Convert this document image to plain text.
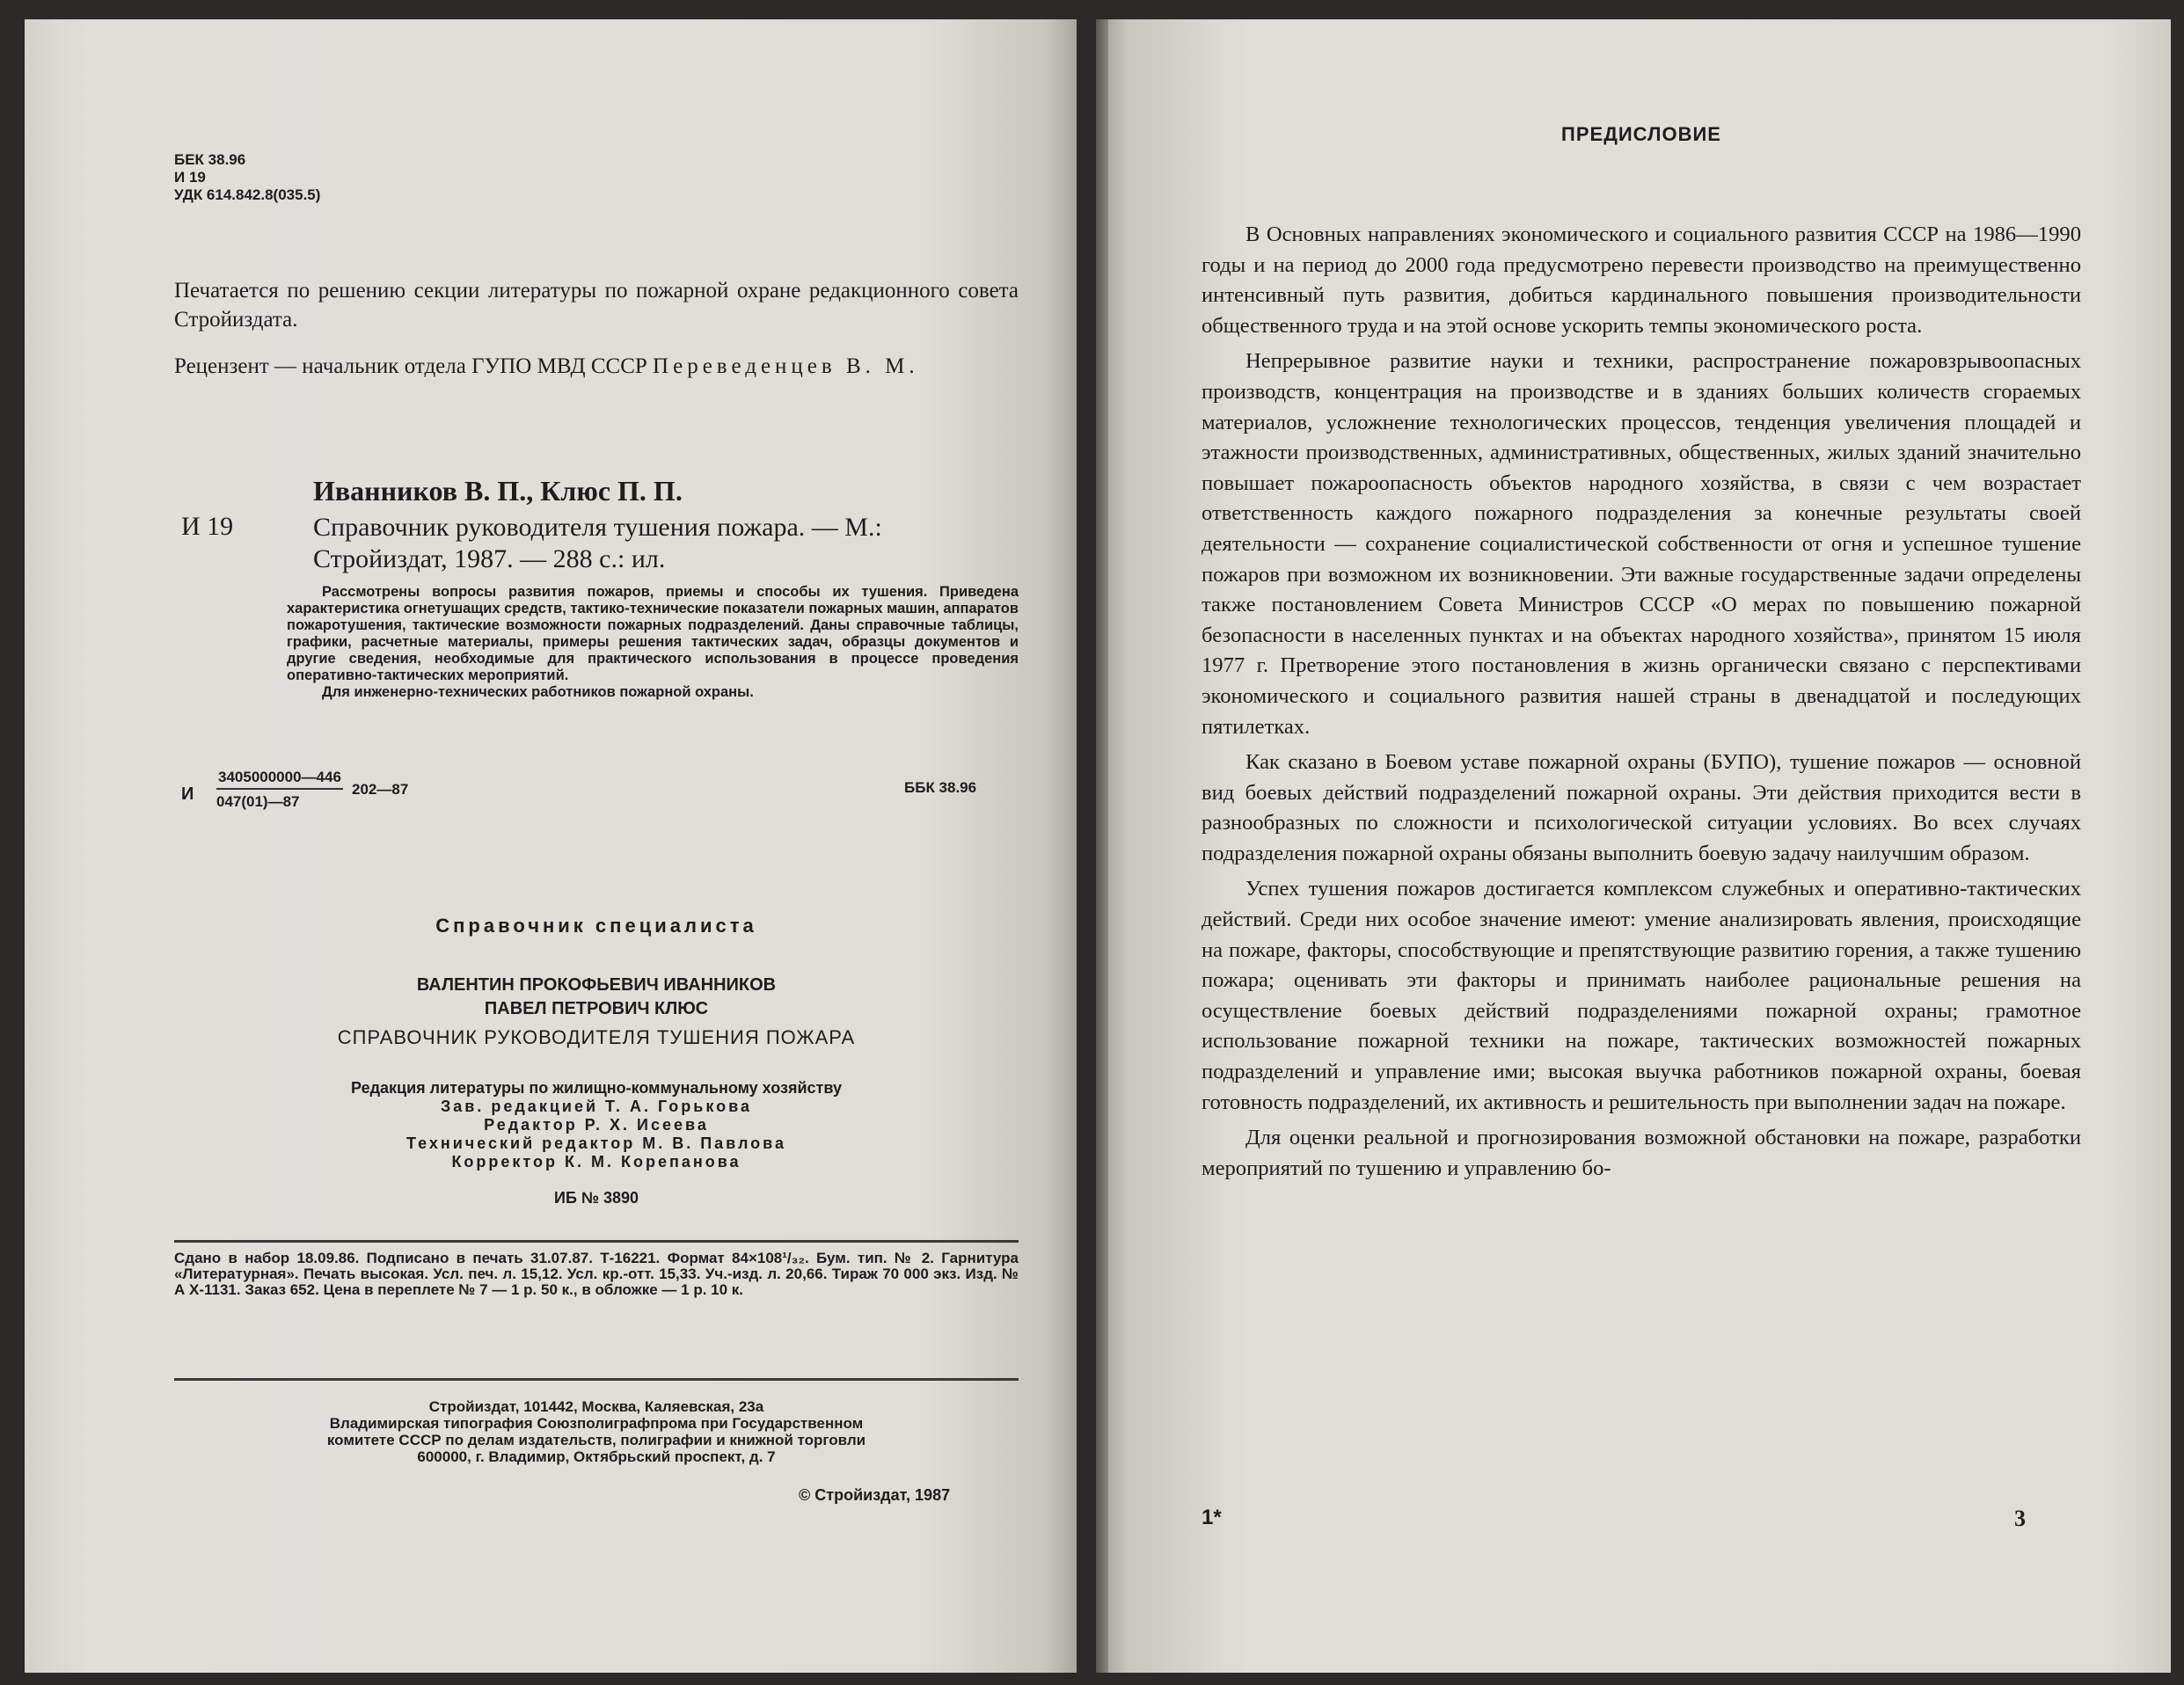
БЕК 38.96
И 19
УДК 614.842.8(035.5)
Печатается по решению секции литературы по пожарной охране редакционного совета Стройиздата.
Рецензент — начальник отдела ГУПО МВД СССР Переведенцев В. М.
Иванников В. П., Клюс П. П.
И 19	Справочник руководителя тушения пожара. — М.: Стройиздат, 1987. — 288 с.: ил.
Рассмотрены вопросы развития пожаров, приемы и способы их тушения. Приведена характеристика огнетушащих средств, тактико-технические показатели пожарных машин, аппаратов пожаротушения, тактические возможности пожарных подразделений. Даны справочные таблицы, графики, расчетные материалы, примеры решения тактических задач, образцы документов и другие сведения, необходимые для практического использования в процессе проведения оперативно-тактических мероприятий.
Для инженерно-технических работников пожарной охраны.
И $\frac{3405000000—446}{047(01)—87}$ 202—87	ББК 38.96
Справочник специалиста
ВАЛЕНТИН ПРОКОФЬЕВИЧ ИВАННИКОВ
ПАВЕЛ ПЕТРОВИЧ КЛЮС
СПРАВОЧНИК РУКОВОДИТЕЛЯ ТУШЕНИЯ ПОЖАРА
Редакция литературы по жилищно-коммунальному хозяйству
Зав. редакцией Т. А. Горькова
Редактор Р. Х. Исеева
Технический редактор М. В. Павлова
Корректор К. М. Корепанова
ИБ № 3890
Сдано в набор 18.09.86. Подписано в печать 31.07.87. Т-16221. Формат 84×108¹/₃₂. Бум. тип. № 2. Гарнитура «Литературная». Печать высокая. Усл. печ. л. 15,12. Усл. кр.-отт. 15,33. Уч.-изд. л. 20,66. Тираж 70 000 экз. Изд. № А X-1131. Заказ 652. Цена в переплете № 7 — 1 р. 50 к., в обложке — 1 р. 10 к.
Стройиздат, 101442, Москва, Каляевская, 23а
Владимирская типография Союзполиграфпрома при Государственном
комитете СССР по делам издательств, полиграфии и книжной торговли
600000, г. Владимир, Октябрьский проспект, д. 7
© Стройиздат, 1987
ПРЕДИСЛОВИЕ

В Основных направлениях экономического и социального развития СССР на 1986—1990 годы и на период до 2000 года предусмотрено перевести производство на преимущественно интенсивный путь развития, добиться кардинального повышения производительности общественного труда и на этой основе ускорить темпы экономического роста.

Непрерывное развитие науки и техники, распространение пожаровзрывоопасных производств, концентрация на производстве и в зданиях больших количеств сгораемых материалов, усложнение технологических процессов, тенденция увеличения площадей и этажности производственных, административных, общественных, жилых зданий значительно повышает пожароопасность объектов народного хозяйства, в связи с чем возрастает ответственность каждого пожарного подразделения за конечные результаты своей деятельности — сохранение социалистической собственности от огня и успешное тушение пожаров при возможном их возникновении. Эти важные государственные задачи определены также постановлением Совета Министров СССР «О мерах по повышению пожарной безопасности в населенных пунктах и на объектах народного хозяйства», принятом 15 июля 1977 г. Претворение этого постановления в жизнь органически связано с перспективами экономического и социального развития нашей страны в двенадцатой и последующих пятилетках.

Как сказано в Боевом уставе пожарной охраны (БУПО), тушение пожаров — основной вид боевых действий подразделений пожарной охраны. Эти действия приходится вести в разнообразных по сложности и психологической ситуации условиях. Во всех случаях подразделения пожарной охраны обязаны выполнить боевую задачу наилучшим образом.

Успех тушения пожаров достигается комплексом служебных и оперативно-тактических действий. Среди них особое значение имеют: умение анализировать явления, происходящие на пожаре, факторы, способствующие и препятствующие развитию горения, а также тушению пожара; оценивать эти факторы и принимать наиболее рациональные решения на осуществление боевых действий подразделениями пожарной охраны; грамотное использование пожарной техники на пожаре, тактических возможностей пожарных подразделений и управление ими; высокая выучка работников пожарной охраны, боевая готовность подразделений, их активность и решительность при выполнении задач на пожаре.

Для оценки реальной и прогнозирования возможной обстановки на пожаре, разработки мероприятий по тушению и управлению бо-

1*	3
